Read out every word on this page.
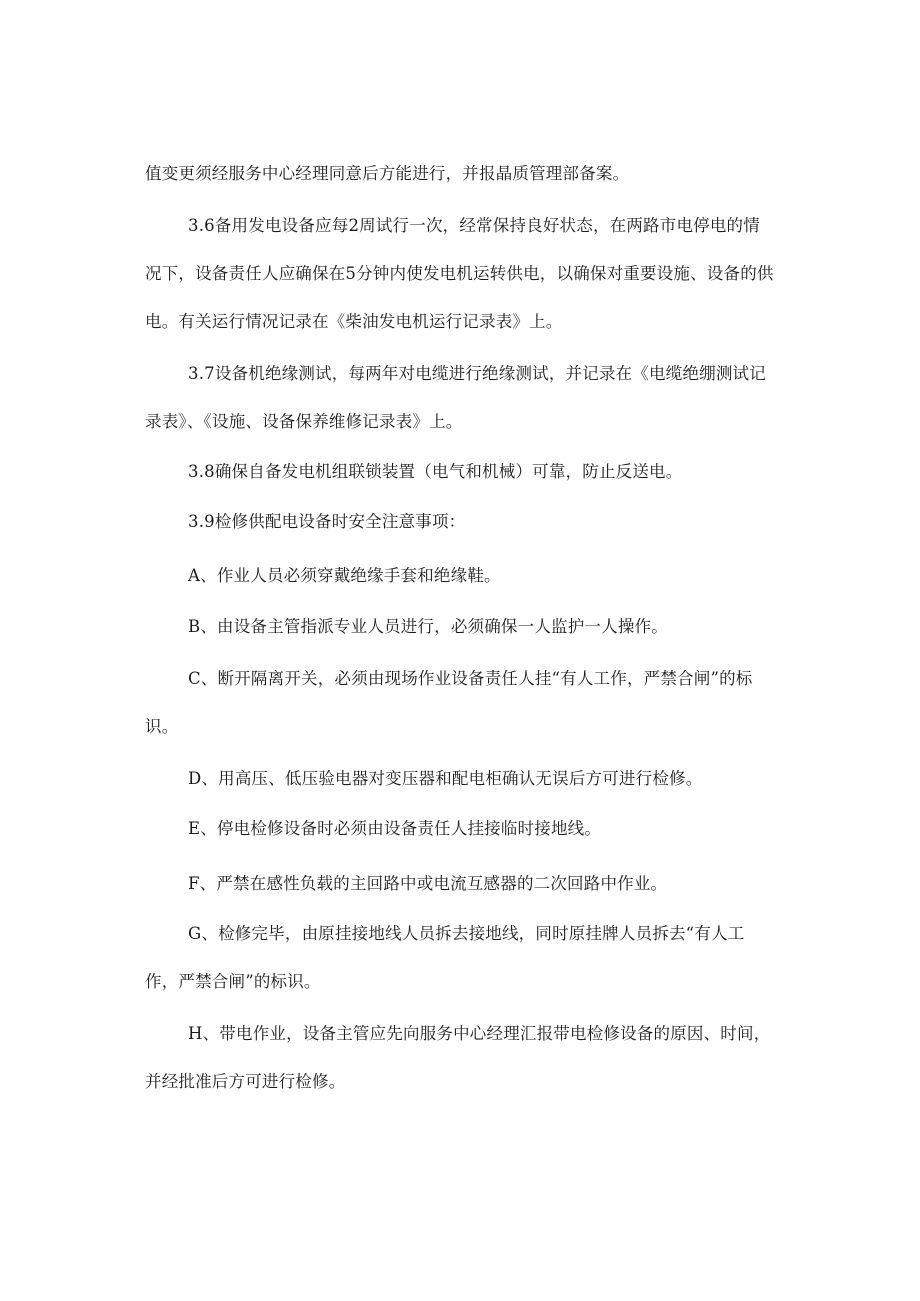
值变更须经服务中心经理同意后方能进行，并报晶质管理部备案。

3.6备用发电设备应每2周试行一次，经常保持良好状态，在两路市电停电的情况下，设备责任人应确保在5分钟内使发电机运转供电，以确保对重要设施、设备的供电。有关运行情况记录在《柴油发电机运行记录表》上。

3.7设备机绝缘测试，每两年对电缆进行绝缘测试，并记录在《电缆绝绷测试记录表》、《设施、设备保养维修记录表》上。

3.8确保自备发电机组联锁装置（电气和机械）可靠，防止反送电。

3.9检修供配电设备时安全注意事项：

A、作业人员必须穿戴绝缘手套和绝缘鞋。

B、由设备主管指派专业人员进行，必须确保一人监护一人操作。

C、断开隔离开关，必须由现场作业设备责任人挂“有人工作，严禁合闸”的标识。

D、用高压、低压验电器对变压器和配电柜确认无误后方可进行检修。

E、停电检修设备时必须由设备责任人挂接临时接地线。

F、严禁在感性负载的主回路中或电流互感器的二次回路中作业。

G、检修完毕，由原挂接地线人员拆去接地线，同时原挂牌人员拆去“有人工作，严禁合闸”的标识。

H、带电作业，设备主管应先向服务中心经理汇报带电检修设备的原因、时间，并经批准后方可进行检修。
